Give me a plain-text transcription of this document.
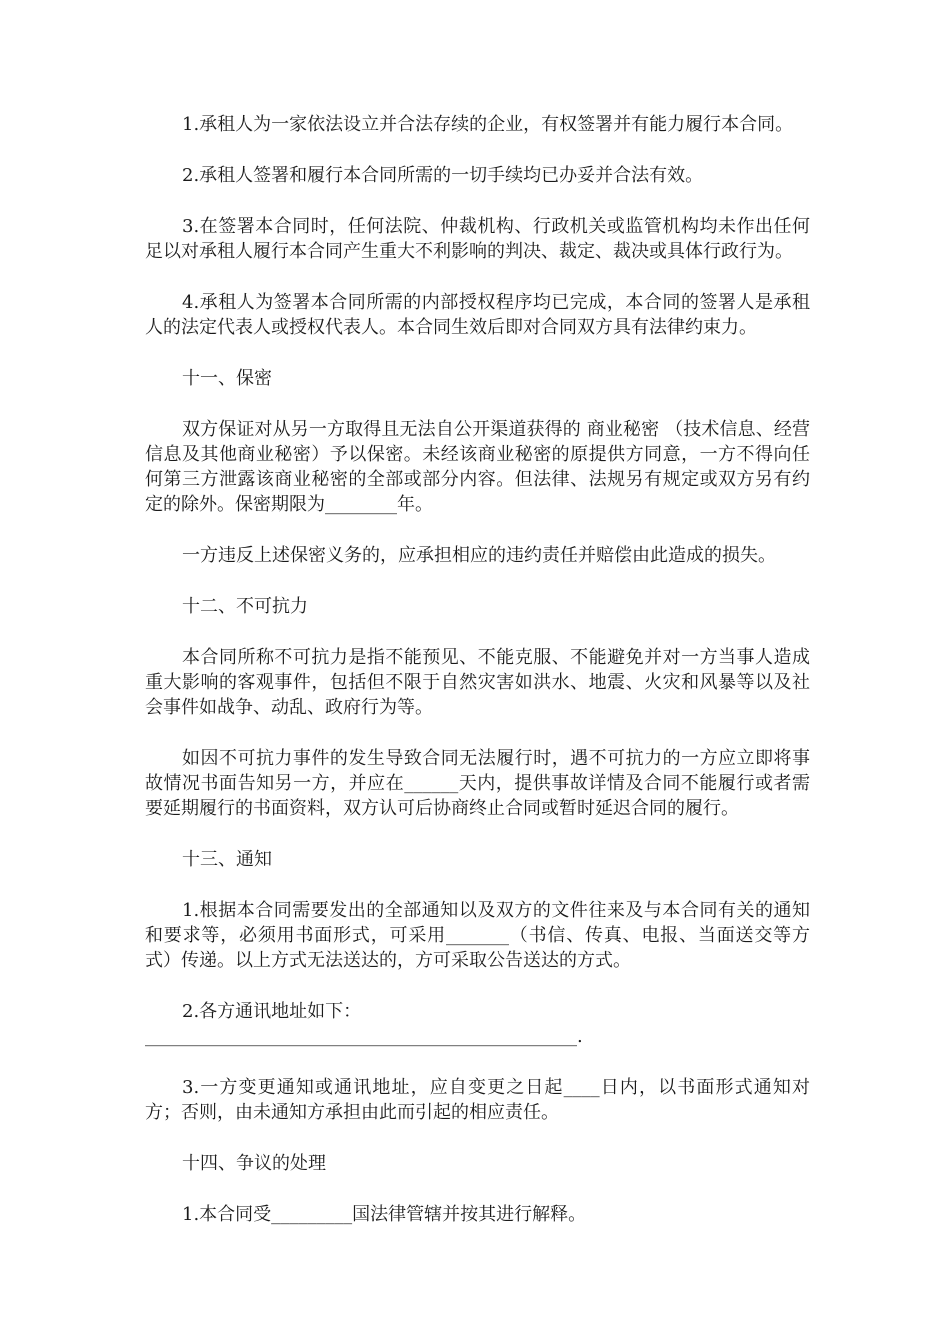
1.承租人为一家依法设立并合法存续的企业，有权签署并有能力履行本合同。

2.承租人签署和履行本合同所需的一切手续均已办妥并合法有效。

3.在签署本合同时，任何法院、仲裁机构、行政机关或监管机构均未作出任何足以对承租人履行本合同产生重大不利影响的判决、裁定、裁决或具体行政行为。

4.承租人为签署本合同所需的内部授权程序均已完成，本合同的签署人是承租人的法定代表人或授权代表人。本合同生效后即对合同双方具有法律约束力。

十一、保密

双方保证对从另一方取得且无法自公开渠道获得的 商业秘密 （技术信息、经营信息及其他商业秘密）予以保密。未经该商业秘密的原提供方同意，一方不得向任何第三方泄露该商业秘密的全部或部分内容。但法律、法规另有规定或双方另有约定的除外。保密期限为________年。

一方违反上述保密义务的，应承担相应的违约责任并赔偿由此造成的损失。

十二、不可抗力

本合同所称不可抗力是指不能预见、不能克服、不能避免并对一方当事人造成重大影响的客观事件，包括但不限于自然灾害如洪水、地震、火灾和风暴等以及社会事件如战争、动乱、政府行为等。

如因不可抗力事件的发生导致合同无法履行时，遇不可抗力的一方应立即将事故情况书面告知另一方，并应在______天内，提供事故详情及合同不能履行或者需要延期履行的书面资料，双方认可后协商终止合同或暂时延迟合同的履行。

十三、通知

1.根据本合同需要发出的全部通知以及双方的文件往来及与本合同有关的通知和要求等，必须用书面形式，可采用_______（书信、传真、电报、当面送交等方式）传递。以上方式无法送达的，方可采取公告送达的方式。

2.各方通讯地址如下：

________________________________________________.

3.一方变更通知或通讯地址，应自变更之日起____日内，以书面形式通知对方；否则，由未通知方承担由此而引起的相应责任。

十四、争议的处理

1.本合同受_________国法律管辖并按其进行解释。
